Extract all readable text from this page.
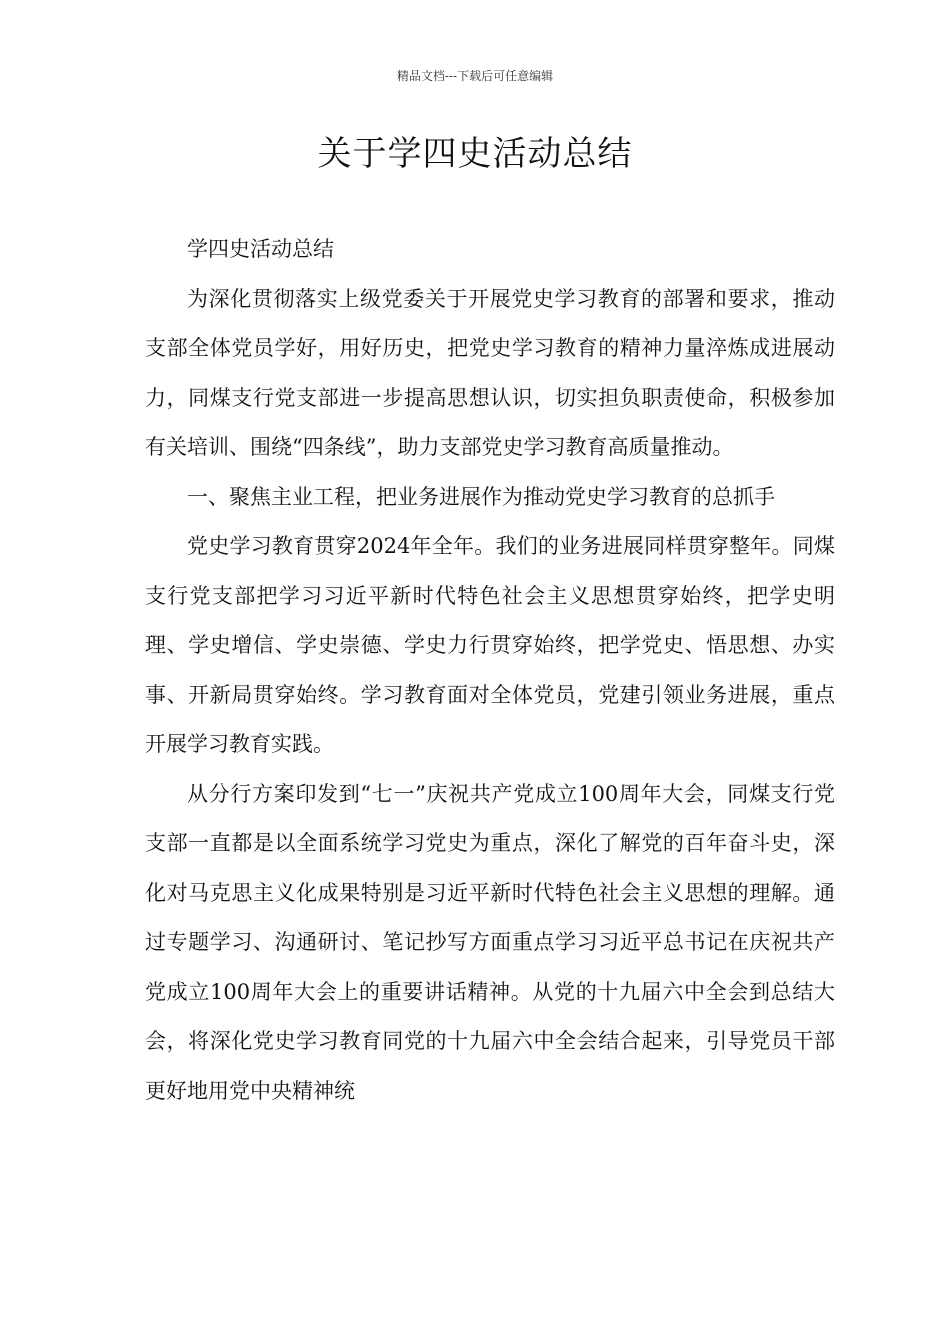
精品文档---下载后可任意编辑
关于学四史活动总结

学四史活动总结

为深化贯彻落实上级党委关于开展党史学习教育的部署和要求，推动支部全体党员学好，用好历史，把党史学习教育的精神力量淬炼成进展动力，同煤支行党支部进一步提高思想认识，切实担负职责使命，积极参加有关培训、围绕“四条线”，助力支部党史学习教育高质量推动。

一、聚焦主业工程，把业务进展作为推动党史学习教育的总抓手

党史学习教育贯穿2024年全年。我们的业务进展同样贯穿整年。同煤支行党支部把学习习近平新时代特色社会主义思想贯穿始终，把学史明理、学史增信、学史崇德、学史力行贯穿始终，把学党史、悟思想、办实事、开新局贯穿始终。学习教育面对全体党员，党建引领业务进展，重点开展学习教育实践。

从分行方案印发到“七一”庆祝共产党成立100周年大会，同煤支行党支部一直都是以全面系统学习党史为重点，深化了解党的百年奋斗史，深化对马克思主义化成果特别是习近平新时代特色社会主义思想的理解。通过专题学习、沟通研讨、笔记抄写方面重点学习习近平总书记在庆祝共产党成立100周年大会上的重要讲话精神。从党的十九届六中全会到总结大会，将深化党史学习教育同党的十九届六中全会结合起来，引导党员干部更好地用党中央精神统
